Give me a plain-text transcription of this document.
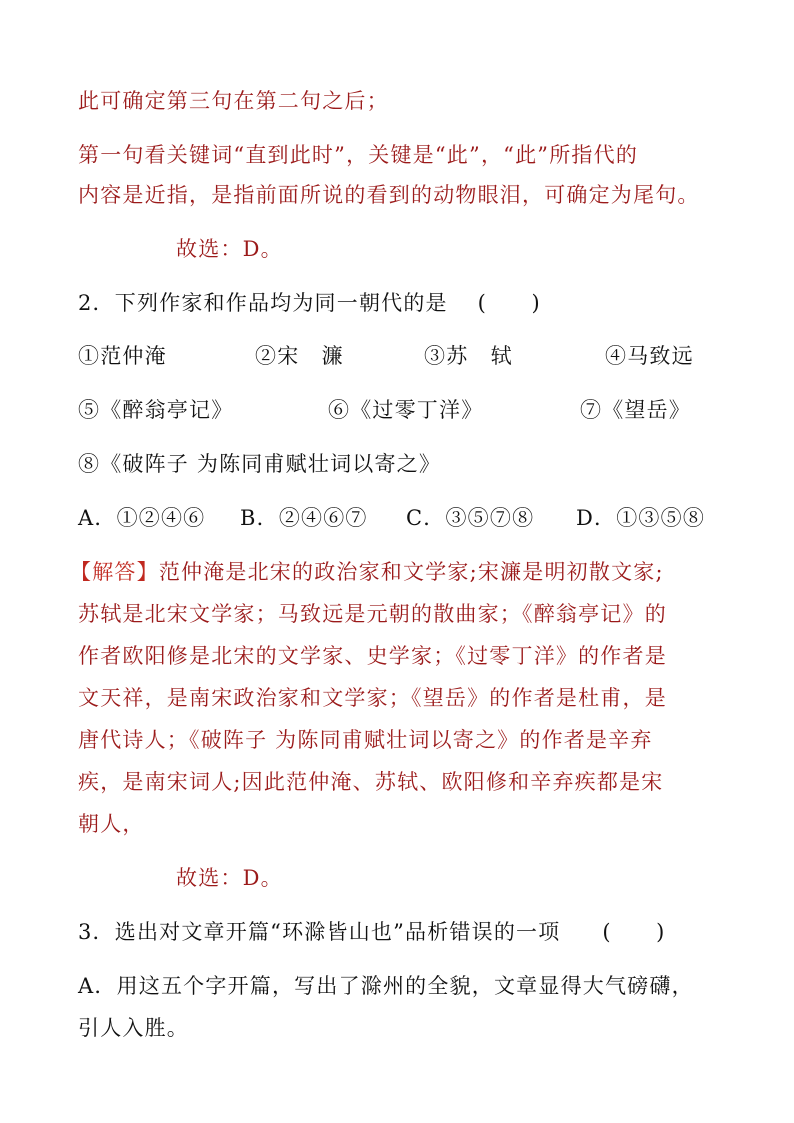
此可确定第三句在第二句之后；
第一句看关键词“直到此时”，关键是“此”，“此”所指代的
内容是近指，是指前面所说的看到的动物眼泪，可确定为尾句。
故选：D。
2．下列作家和作品均为同一朝代的是 (　　)
①范仲淹	②宋　濂	③苏　轼	④马致远
⑤《醉翁亭记》	⑥《过零丁洋》	⑦《望岳》
⑧《破阵子 为陈同甫赋壮词以寄之》
A．①②④⑥ B．②④⑥⑦ C．③⑤⑦⑧ D．①③⑤⑧
【解答】范仲淹是北宋的政治家和文学家;宋濂是明初散文家;
苏轼是北宋文学家；马致远是元朝的散曲家；《醉翁亭记》的
作者欧阳修是北宋的文学家、史学家；《过零丁洋》的作者是
文天祥，是南宋政治家和文学家；《望岳》的作者是杜甫，是
唐代诗人；《破阵子 为陈同甫赋壮词以寄之》的作者是辛弃
疾，是南宋词人;因此范仲淹、苏轼、欧阳修和辛弃疾都是宋
朝人，
故选：D。
3．选出对文章开篇“环滁皆山也”品析错误的一项 (　　)
A．用这五个字开篇，写出了滁州的全貌，文章显得大气磅礴，
引人入胜。
